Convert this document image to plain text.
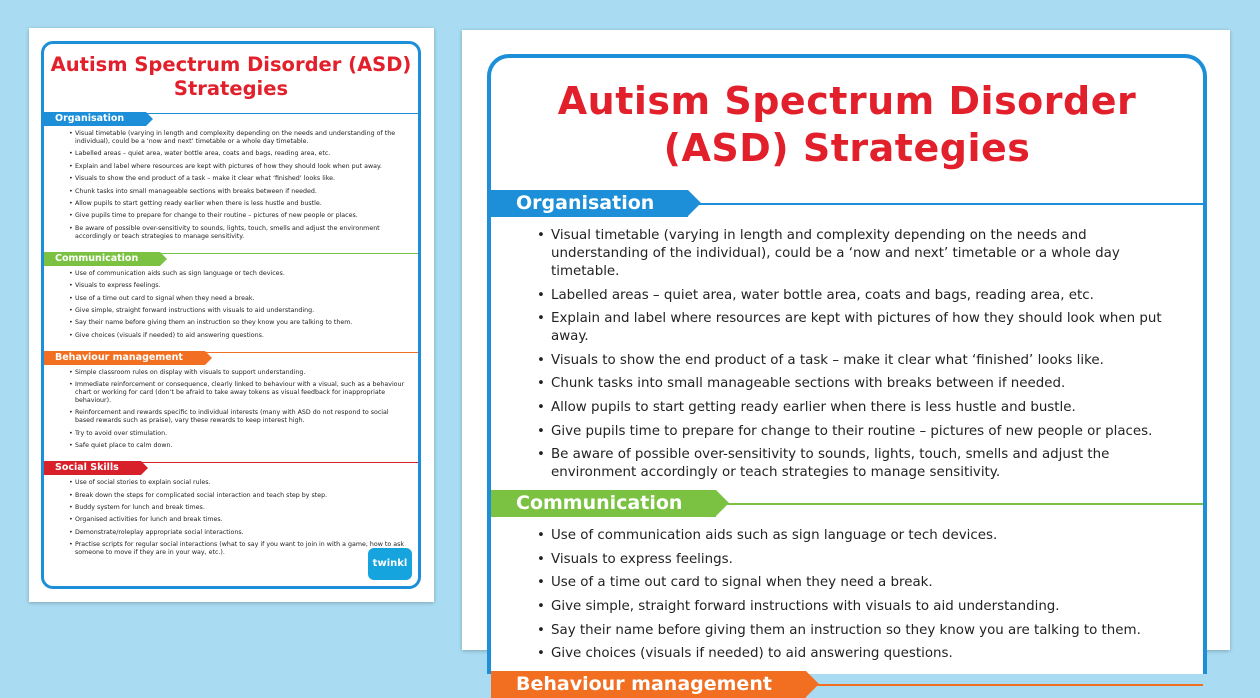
Autism Spectrum Disorder (ASD) Strategies
Organisation
• Visual timetable (varying in length and complexity depending on the needs and understanding of the individual), could be a ‘now and next’ timetable or a whole day timetable.
• Labelled areas – quiet area, water bottle area, coats and bags, reading area, etc.
• Explain and label where resources are kept with pictures of how they should look when put away.
• Visuals to show the end product of a task – make it clear what ‘finished’ looks like.
• Chunk tasks into small manageable sections with breaks between if needed.
• Allow pupils to start getting ready earlier when there is less hustle and bustle.
• Give pupils time to prepare for change to their routine – pictures of new people or places.
• Be aware of possible over-sensitivity to sounds, lights, touch, smells and adjust the environment accordingly or teach strategies to manage sensitivity.
Communication
• Use of communication aids such as sign language or tech devices.
• Visuals to express feelings.
• Use of a time out card to signal when they need a break.
• Give simple, straight forward instructions with visuals to aid understanding.
• Say their name before giving them an instruction so they know you are talking to them.
• Give choices (visuals if needed) to aid answering questions.
Behaviour management
• Simple classroom rules on display with visuals to support understanding.
• Immediate reinforcement or consequence, clearly linked to behaviour with a visual, such as a behaviour chart or working for card (don’t be afraid to take away tokens as visual feedback for inappropriate behaviour).
• Reinforcement and rewards specific to individual interests (many with ASD do not respond to social based rewards such as praise), vary these rewards to keep interest high.
• Try to avoid over stimulation.
• Safe quiet place to calm down.
Social Skills
• Use of social stories to explain social rules.
• Break down the steps for complicated social interaction and teach step by step.
• Buddy system for lunch and break times.
• Organised activities for lunch and break times.
• Demonstrate/roleplay appropriate social interactions.
• Practise scripts for regular social interactions (what to say if you want to join in with a game, how to ask someone to move if they are in your way, etc.).
twinkl
Autism Spectrum Disorder (ASD) Strategies
Organisation
• Visual timetable (varying in length and complexity depending on the needs and understanding of the individual), could be a ‘now and next’ timetable or a whole day timetable.
• Labelled areas – quiet area, water bottle area, coats and bags, reading area, etc.
• Explain and label where resources are kept with pictures of how they should look when put away.
• Visuals to show the end product of a task – make it clear what ‘finished’ looks like.
• Chunk tasks into small manageable sections with breaks between if needed.
• Allow pupils to start getting ready earlier when there is less hustle and bustle.
• Give pupils time to prepare for change to their routine – pictures of new people or places.
• Be aware of possible over-sensitivity to sounds, lights, touch, smells and adjust the environment accordingly or teach strategies to manage sensitivity.
Communication
• Use of communication aids such as sign language or tech devices.
• Visuals to express feelings.
• Use of a time out card to signal when they need a break.
• Give simple, straight forward instructions with visuals to aid understanding.
• Say their name before giving them an instruction so they know you are talking to them.
• Give choices (visuals if needed) to aid answering questions.
Behaviour management
